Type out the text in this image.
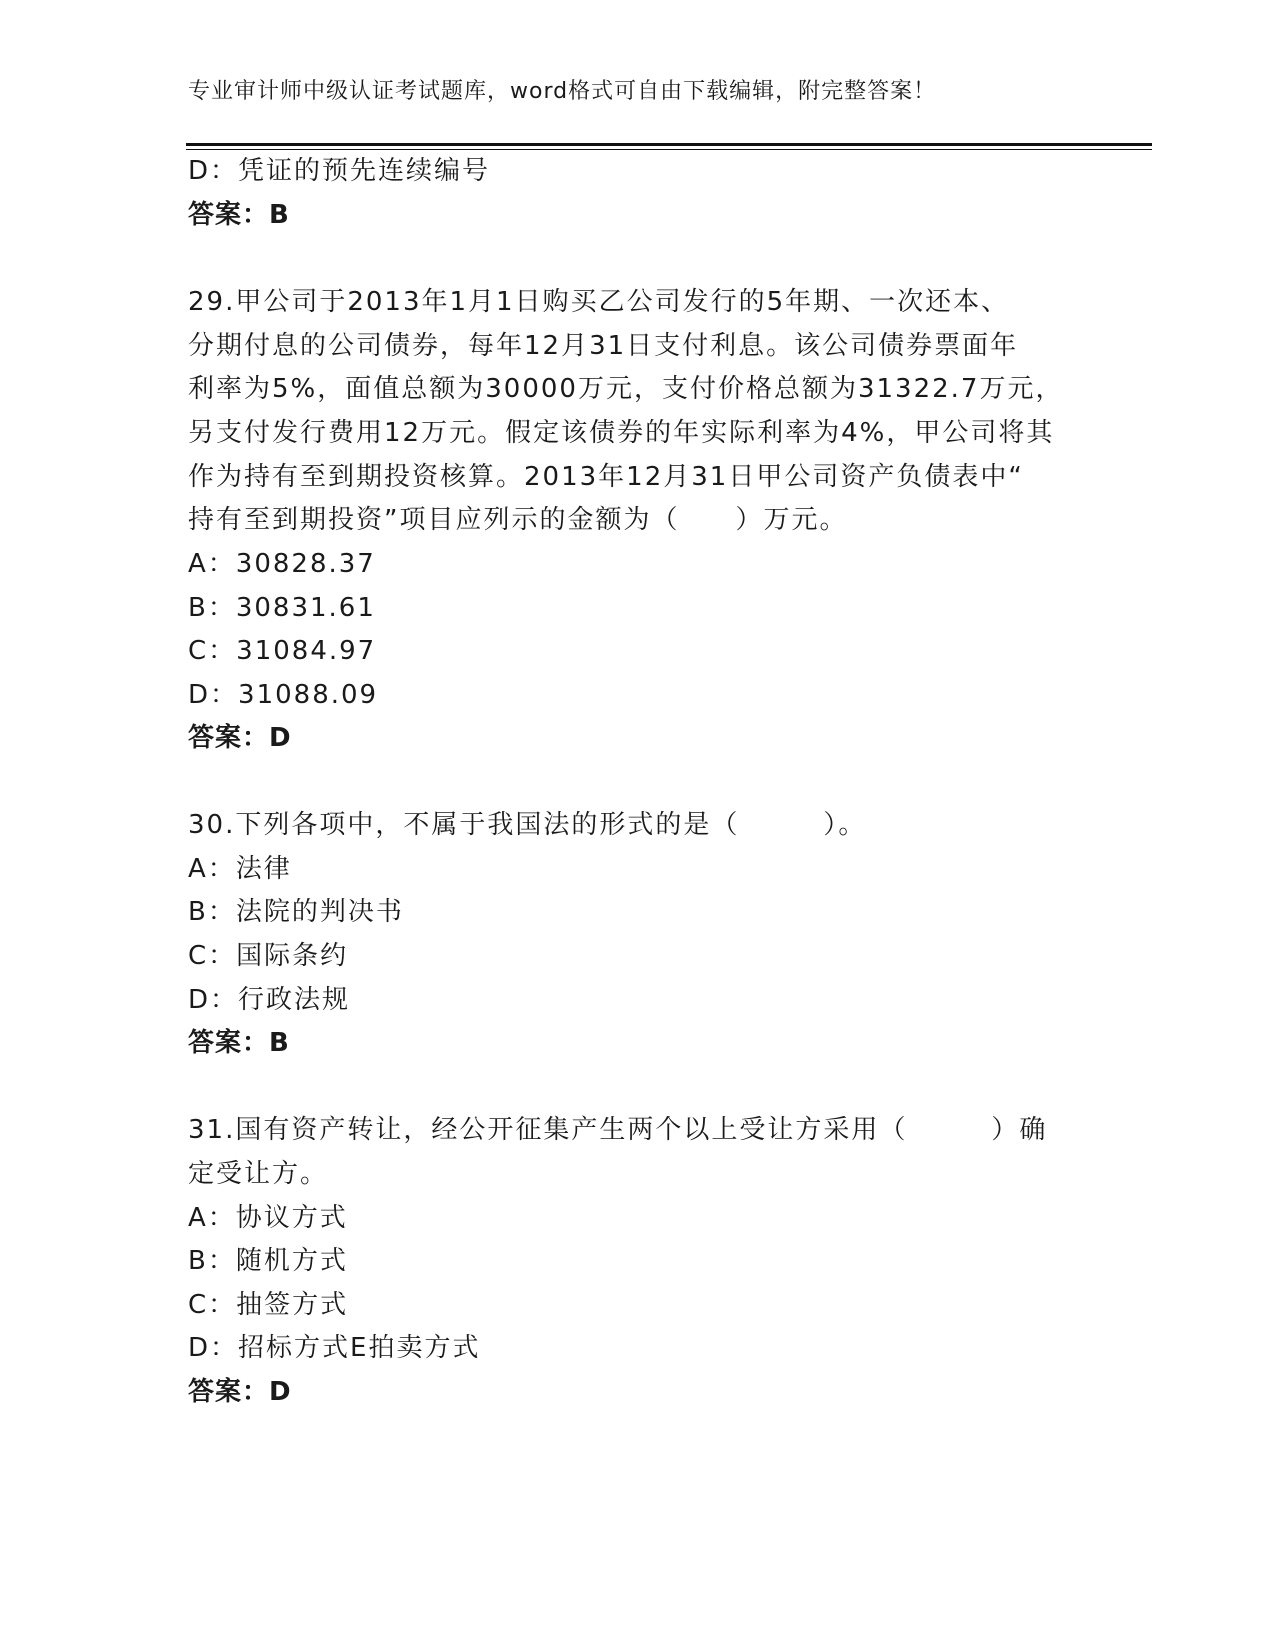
专业审计师中级认证考试题库，word格式可自由下载编辑，附完整答案！
D：凭证的预先连续编号
答案：B
29.甲公司于2013年1月1日购买乙公司发行的5年期、一次还本、
分期付息的公司债券，每年12月31日支付利息。该公司债券票面年
利率为5%，面值总额为30000万元，支付价格总额为31322.7万元，
另支付发行费用12万元。假定该债券的年实际利率为4%，甲公司将其
作为持有至到期投资核算。2013年12月31日甲公司资产负债表中“
持有至到期投资”项目应列示的金额为（　　）万元。
A：30828.37
B：30831.61
C：31084.97
D：31088.09
答案：D
30.下列各项中，不属于我国法的形式的是（　　　）。
A：法律
B：法院的判决书
C：国际条约
D：行政法规
答案：B
31.国有资产转让，经公开征集产生两个以上受让方采用（　　　）确
定受让方。
A：协议方式
B：随机方式
C：抽签方式
D：招标方式E拍卖方式
答案：D
